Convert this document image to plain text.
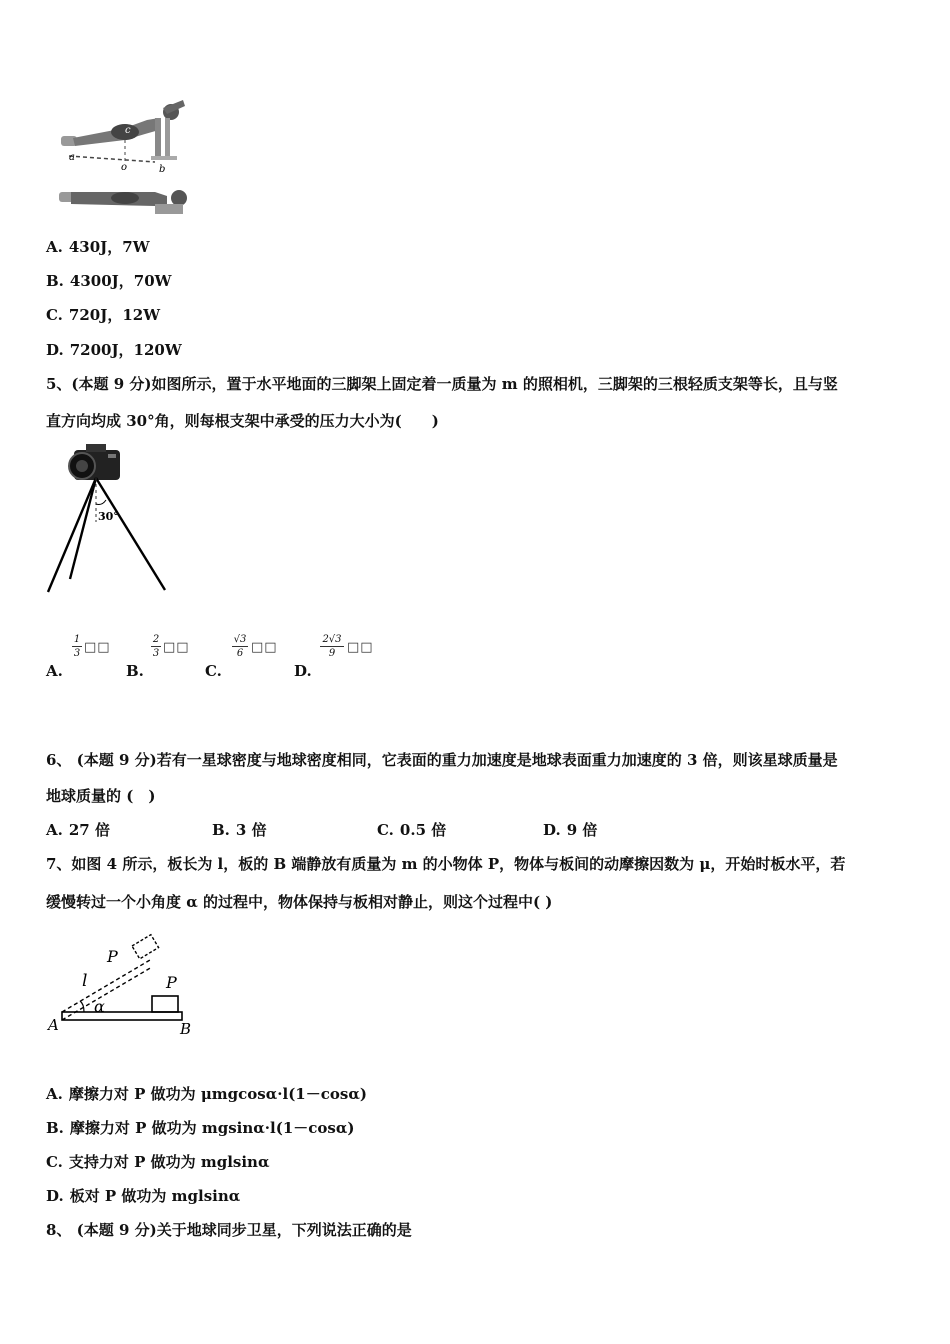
a
c
o	b
A. 430J，7W
B. 4300J，70W
C. 720J，12W
D. 7200J，120W
5、(本题 9 分)如图所示，置于水平地面的三脚架上固定着一质量为 m 的照相机，三脚架的三根轻质支架等长，且与竖
直方向均成 30°角，则每根支架中承受的压力大小为(　　)
30°
A.
1
3 □□
B.
2
3 □□
C.
√3
6 □□
D.
2√3
9 □□
6、 (本题 9 分)若有一星球密度与地球密度相同，它表面的重力加速度是地球表面重力加速度的 3 倍，则该星球质量是
地球质量的 (　)
A. 27 倍	B. 3 倍	C. 0.5 倍	D. 9 倍
7、如图 4 所示，板长为 l，板的 B 端静放有质量为 m 的小物体 P，物体与板间的动摩擦因数为 μ，开始时板水平，若
缓慢转过一个小角度 α 的过程中，物体保持与板相对静止，则这个过程中( )
P
l	P
α
A	B
A. 摩擦力对 P 做功为 μmgcosα·l(1－cosα)
B. 摩擦力对 P 做功为 mgsinα·l(1－cosα)
C. 支持力对 P 做功为 mglsinα
D. 板对 P 做功为 mglsinα
8、 (本题 9 分)关于地球同步卫星，下列说法正确的是
